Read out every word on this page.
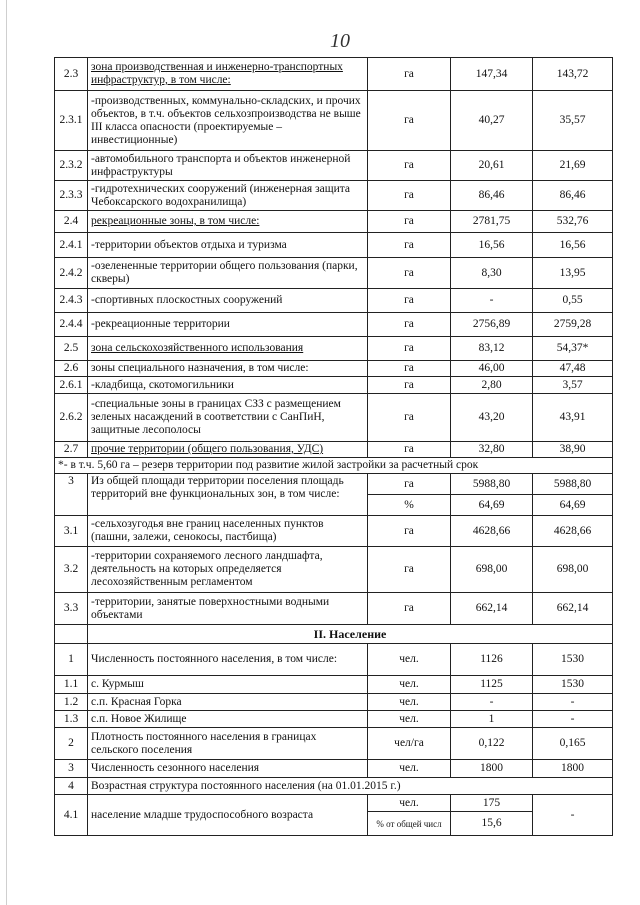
10
2.3	зона производственная и инженерно-транспортных инфраструктур, в том числе:	га	147,34	143,72
2.3.1	-производственных, коммунально-складских, и прочих объектов, в т.ч. объектов сельхозпроизводства не выше III класса опасности (проектируемые – инвестиционные)	га	40,27	35,57
2.3.2	-автомобильного транспорта и объектов инженерной инфраструктуры	га	20,61	21,69
2.3.3	-гидротехнических сооружений (инженерная защита Чебоксарского водохранилища)	га	86,46	86,46
2.4	рекреационные зоны, в том числе:	га	2781,75	532,76
2.4.1	-территории объектов отдыха и туризма	га	16,56	16,56
2.4.2	-озелененные территории общего пользования (парки, скверы)	га	8,30	13,95
2.4.3	-спортивных плоскостных сооружений	га	-	0,55
2.4.4	-рекреационные территории	га	2756,89	2759,28
2.5	зона сельскохозяйственного использования	га	83,12	54,37*
2.6	зоны специального назначения, в том числе:	га	46,00	47,48
2.6.1	-кладбища, скотомогильники	га	2,80	3,57
2.6.2	-специальные зоны в границах СЗЗ с размещением зеленых насаждений в соответствии с СанПиН, защитные лесополосы	га	43,20	43,91
2.7	прочие территории (общего пользования, УДС)	га	32,80	38,90
*- в т.ч. 5,60 га – резерв территории под развитие жилой застройки за расчетный срок				
3	Из общей площади территории поселения площадь территорий вне функциональных зон, в том числе:	га	5988,80	5988,80
		%	64,69	64,69
3.1	-сельхозугодья вне границ населенных пунктов (пашни, залежи, сенокосы, пастбища)	га	4628,66	4628,66
3.2	-территории сохраняемого лесного ландшафта, деятельность на которых определяется лесохозяйственным регламентом	га	698,00	698,00
3.3	-территории, занятые поверхностными водными объектами	га	662,14	662,14
	II. Население			
1	Численность постоянного населения, в том числе:	чел.	1126	1530
1.1	с. Курмыш	чел.	1125	1530
1.2	с.п. Красная Горка	чел.	-	-
1.3	с.п. Новое Жилище	чел.	1	-
2	Плотность постоянного населения в границах сельского поселения	чел/га	0,122	0,165
3	Численность сезонного населения	чел.	1800	1800
4	Возрастная структура постоянного населения (на 01.01.2015 г.)			
4.1	население младше трудоспособного возраста	чел.	175	-
		% от общей числ	15,6	
